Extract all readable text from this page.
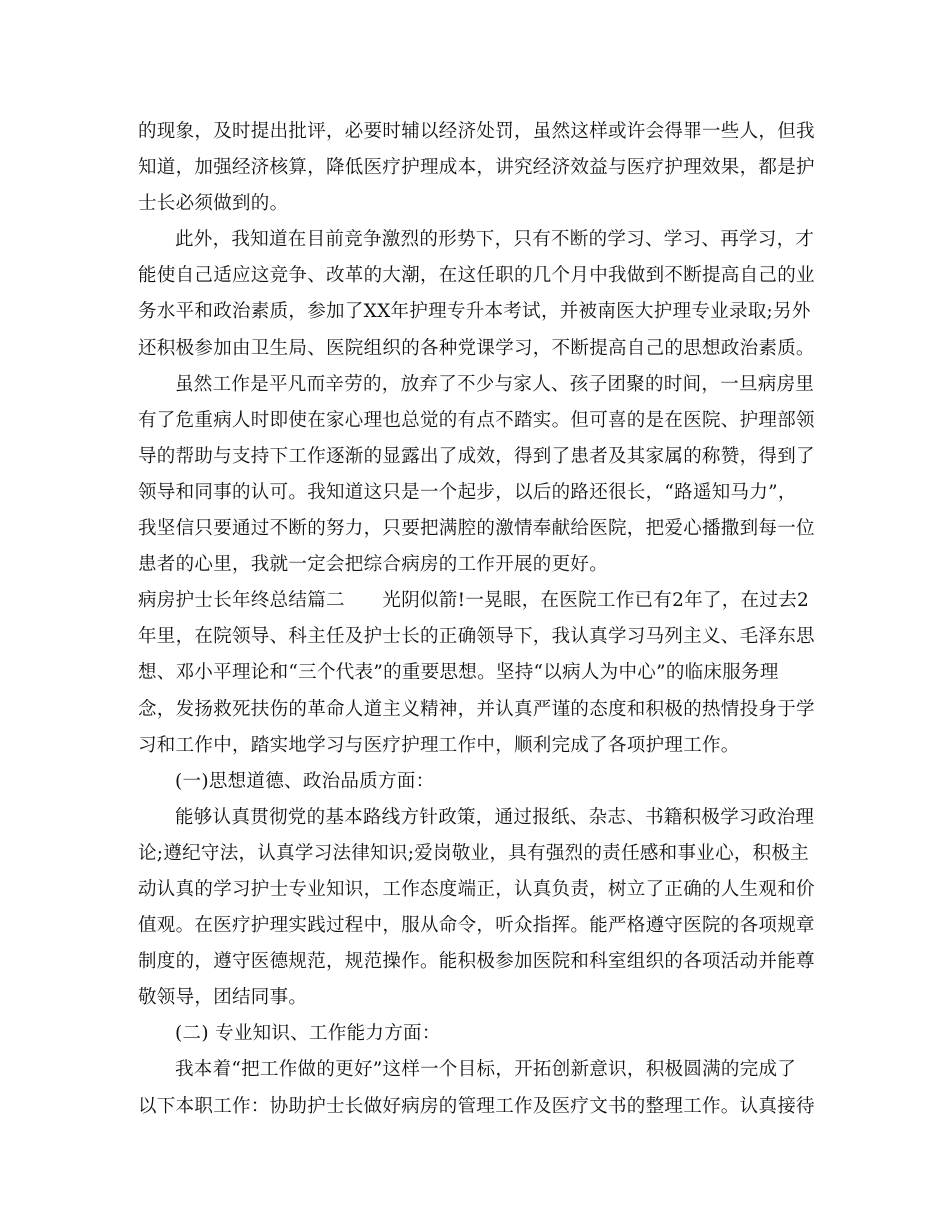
的现象，及时提出批评，必要时辅以经济处罚，虽然这样或许会得罪一些人，但我
知道，加强经济核算，降低医疗护理成本，讲究经济效益与医疗护理效果，都是护
士长必须做到的。
此外，我知道在目前竞争激烈的形势下，只有不断的学习、学习、再学习，才
能使自己适应这竞争、改革的大潮，在这任职的几个月中我做到不断提高自己的业
务水平和政治素质，参加了XX年护理专升本考试，并被南医大护理专业录取;另外
还积极参加由卫生局、医院组织的各种党课学习，不断提高自己的思想政治素质。
虽然工作是平凡而辛劳的，放弃了不少与家人、孩子团聚的时间，一旦病房里
有了危重病人时即使在家心理也总觉的有点不踏实。但可喜的是在医院、护理部领
导的帮助与支持下工作逐渐的显露出了成效，得到了患者及其家属的称赞，得到了
领导和同事的认可。我知道这只是一个起步，以后的路还很长，“路遥知马力”，
我坚信只要通过不断的努力，只要把满腔的激情奉献给医院，把爱心播撒到每一位
患者的心里，我就一定会把综合病房的工作开展的更好。
病房护士长年终总结篇二　　光阴似箭!一晃眼，在医院工作已有2年了，在过去2
年里，在院领导、科主任及护士长的正确领导下，我认真学习马列主义、毛泽东思
想、邓小平理论和“三个代表”的重要思想。坚持“以病人为中心”的临床服务理
念，发扬救死扶伤的革命人道主义精神，并认真严谨的态度和积极的热情投身于学
习和工作中，踏实地学习与医疗护理工作中，顺利完成了各项护理工作。
(一)思想道德、政治品质方面：
能够认真贯彻党的基本路线方针政策，通过报纸、杂志、书籍积极学习政治理
论;遵纪守法，认真学习法律知识;爱岗敬业，具有强烈的责任感和事业心，积极主
动认真的学习护士专业知识，工作态度端正，认真负责，树立了正确的人生观和价
值观。在医疗护理实践过程中，服从命令，听众指挥。能严格遵守医院的各项规章
制度的，遵守医德规范，规范操作。能积极参加医院和科室组织的各项活动并能尊
敬领导，团结同事。
(二) 专业知识、工作能力方面：
我本着“把工作做的更好”这样一个目标，开拓创新意识，积极圆满的完成了
以下本职工作：协助护士长做好病房的管理工作及医疗文书的整理工作。认真接待
